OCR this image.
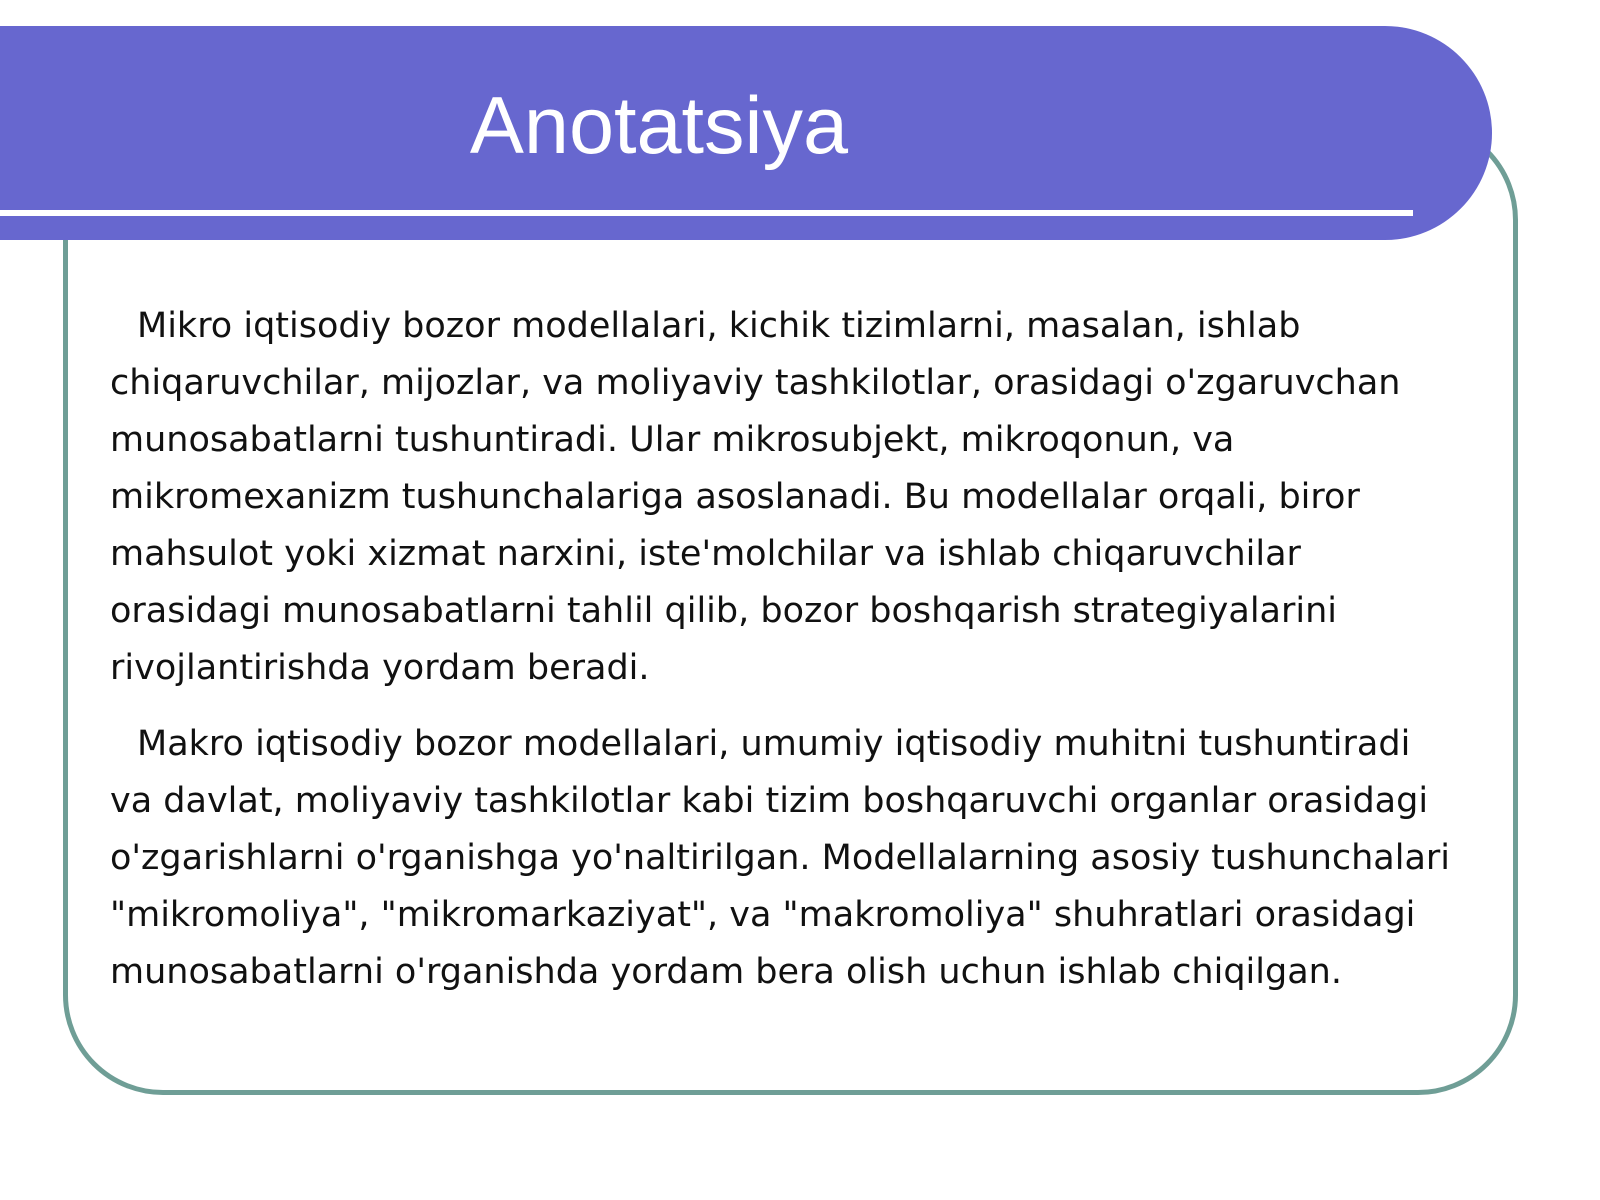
Anotatsiya

Mikro iqtisodiy bozor modellalari, kichik tizimlarni, masalan, ishlab
chiqaruvchilar, mijozlar, va moliyaviy tashkilotlar, orasidagi o'zgaruvchan
munosabatlarni tushuntiradi. Ular mikrosubjekt, mikroqonun, va
mikromexanizm tushunchalariga asoslanadi. Bu modellalar orqali, biror
mahsulot yoki xizmat narxini, iste'molchilar va ishlab chiqaruvchilar
orasidagi munosabatlarni tahlil qilib, bozor boshqarish strategiyalarini
rivojlantirishda yordam beradi.

Makro iqtisodiy bozor modellalari, umumiy iqtisodiy muhitni tushuntiradi
va davlat, moliyaviy tashkilotlar kabi tizim boshqaruvchi organlar orasidagi
o'zgarishlarni o'rganishga yo'naltirilgan. Modellalarning asosiy tushunchalari
"mikromoliya", "mikromarkaziyat", va "makromoliya" shuhratlari orasidagi
munosabatlarni o'rganishda yordam bera olish uchun ishlab chiqilgan.
